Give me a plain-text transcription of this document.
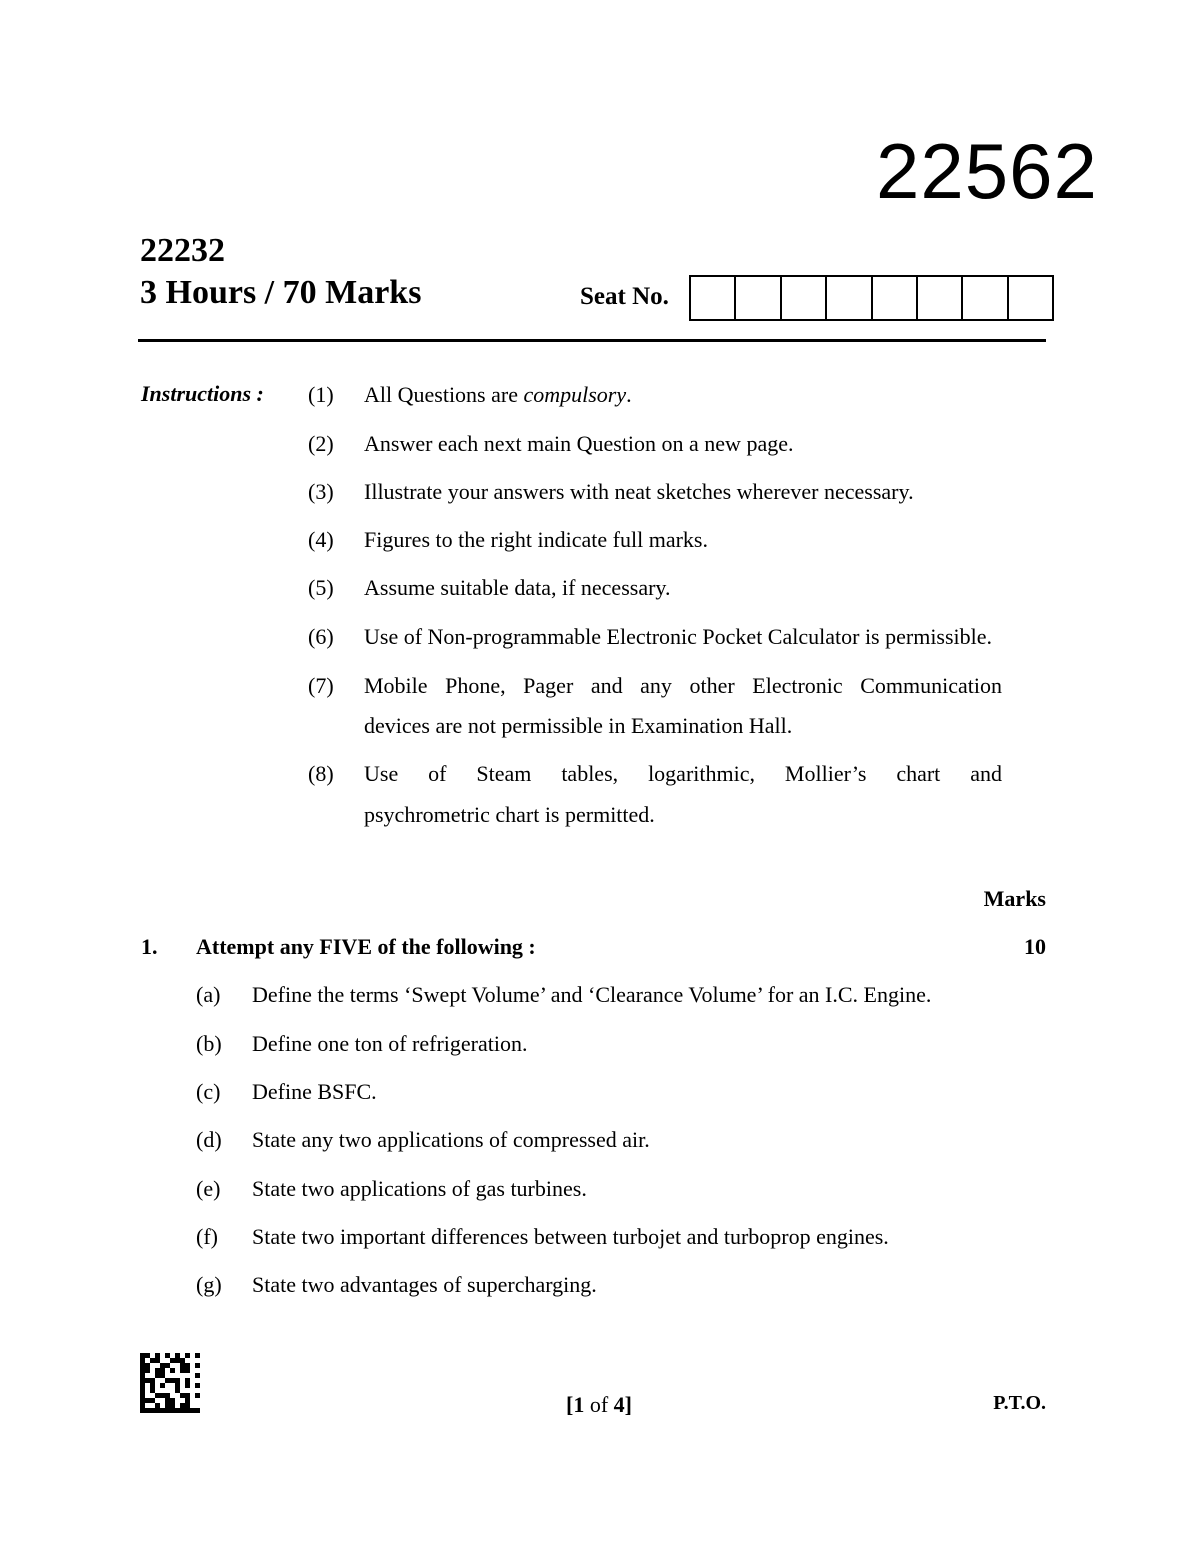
22562
22232
3 Hours / 70 Marks	Seat No.
Instructions : (1) All Questions are compulsory.
(2) Answer each next main Question on a new page.
(3) Illustrate your answers with neat sketches wherever necessary.
(4) Figures to the right indicate full marks.
(5) Assume suitable data, if necessary.
(6) Use of Non-programmable Electronic Pocket Calculator is permissible.
(7) Mobile Phone, Pager and any other Electronic Communication
devices are not permissible in Examination Hall.
(8) Use of Steam tables, logarithmic, Mollier’s chart and
psychrometric chart is permitted.
Marks
1. Attempt any FIVE of the following :	10
(a) Define the terms ‘Swept Volume’ and ‘Clearance Volume’ for an I.C. Engine.
(b) Define one ton of refrigeration.
(c) Define BSFC.
(d) State any two applications of compressed air.
(e) State two applications of gas turbines.
(f) State two important differences between turbojet and turboprop engines.
(g) State two advantages of supercharging.
[1 of 4]	P.T.O.
